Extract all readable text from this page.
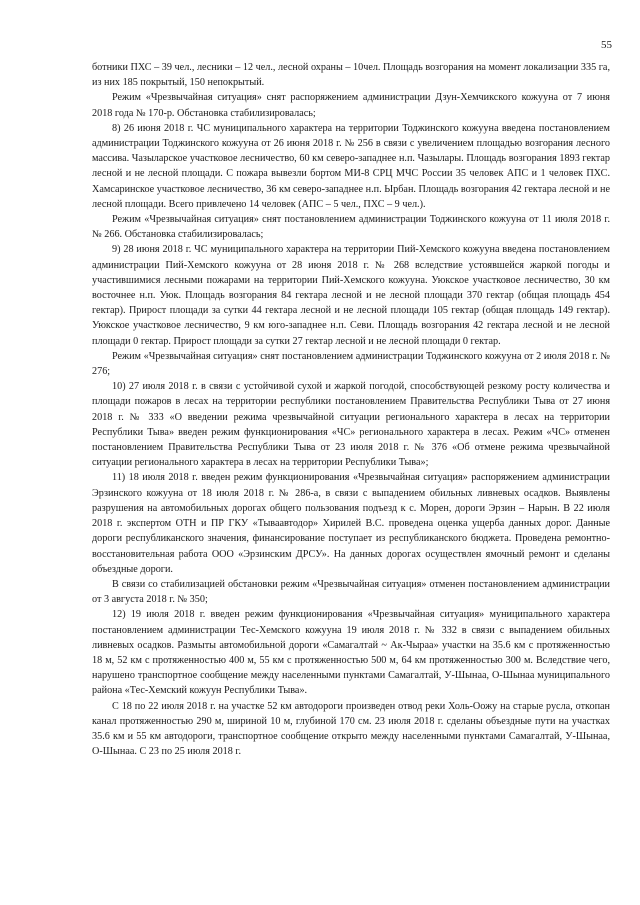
55

ботники ПХС – 39 чел., лесники – 12 чел., лесной охраны – 10чел. Площадь возгорания на момент локализации 335 га, из них 185 покрытый, 150 непокрытый.

Режим «Чрезвычайная ситуация» снят распоряжением администрации Дзун-Хемчикского кожууна от 7 июня 2018 года № 170-р. Обстановка стабилизировалась;

8) 26 июня 2018 г. ЧС муниципального характера на территории Тоджинского кожууна введена постановлением администрации Тоджинского кожууна от 26 июня 2018 г. № 256 в связи с увеличением площадью возгорания лесного массива. Чазыларское участковое лесничество, 60 км северо-западнее н.п. Чазылары. Площадь возгорания 1893 гектар лесной и не лесной площади. С пожара вывезли бортом МИ-8 СРЦ МЧС России 35 человек АПС и 1 человек ПХС. Хамсаринское участковое лесничество, 36 км северо-западнее н.п. Ырбан. Площадь возгорания 42 гектара лесной и не лесной площади. Всего привлечено 14 человек (АПС – 5 чел., ПХС – 9 чел.).

Режим «Чрезвычайная ситуация» снят постановлением администрации Тоджинского кожууна от 11 июля 2018 г. № 266. Обстановка стабилизировалась;

9) 28 июня 2018 г. ЧС муниципального характера на территории Пий-Хемского кожууна введена постановлением администрации Пий-Хемского кожууна от 28 июня 2018 г. № 268 вследствие устоявшейся жаркой погоды и участившимися лесными пожарами на территории Пий-Хемского кожууна. Уюкское участковое лесничество, 30 км восточнее н.п. Уюк. Площадь возгорания 84 гектара лесной и не лесной площади 370 гектар (общая площадь 454 гектар). Прирост площади за сутки 44 гектара лесной и не лесной площади 105 гектар (общая площадь 149 гектар). Уюкское участковое лесничество, 9 км юго-западнее н.п. Севи. Площадь возгорания 42 гектара лесной и не лесной площади 0 гектар. Прирост площади за сутки 27 гектар лесной и не лесной площади 0 гектар.

Режим «Чрезвычайная ситуация» снят постановлением администрации Тоджинского кожууна от 2 июля 2018 г. № 276;

10) 27 июля 2018 г. в связи с устойчивой сухой и жаркой погодой, способствующей резкому росту количества и площади пожаров в лесах на территории республики постановлением Правительства Республики Тыва от 27 июня 2018 г. № 333 «О введении режима чрезвычайной ситуации регионального характера в лесах на территории Республики Тыва» введен режим функционирования «ЧС» регионального характера в лесах. Режим «ЧС» отменен постановлением Правительства Республики Тыва от 23 июля 2018 г. № 376 «Об отмене режима чрезвычайной ситуации регионального характера в лесах на территории Республики Тыва»;

11) 18 июля 2018 г. введен режим функционирования «Чрезвычайная ситуация» распоряжением администрации Эрзинского кожууна от 18 июля 2018 г. № 286-а, в связи с выпадением обильных ливневых осадков. Выявлены разрушения на автомобильных дорогах общего пользования подъезд к с. Морен, дороги Эрзин – Нарын. В 22 июля 2018 г. экспертом ОТН и ПР ГКУ «Тываавтодор» Хирилей В.С. проведена оценка ущерба данных дорог. Данные дороги республиканского значения, финансирование поступает из республиканского бюджета. Проведена ремонтно-восстановительная работа ООО «Эрзинским ДРСУ». На данных дорогах осуществлен ямочный ремонт и сделаны объездные дороги.

В связи со стабилизацией обстановки режим «Чрезвычайная ситуация» отменен постановлением администрации от 3 августа 2018 г. № 350;

12) 19 июля 2018 г. введен режим функционирования «Чрезвычайная ситуация» муниципального характера постановлением администрации Тес-Хемского кожууна 19 июля 2018 г. № 332 в связи с выпадением обильных ливневых осадков. Размыты автомобильной дороги «Самагалтай ~ Ак-Чыраа» участки на 35.6 км с протяженностью 18 м, 52 км с протяженностью 400 м, 55 км с протяженностью 500 м, 64 км протяженностью 300 м. Вследствие чего, нарушено транспортное сообщение между населенными пунктами Самагалтай, У-Шынаа, О-Шынаа муниципального района «Тес-Хемский кожуун Республики Тыва».

С 18 по 22 июля 2018 г. на участке 52 км автодороги произведен отвод реки Холь-Оожу на старые русла, откопан канал протяженностью 290 м, шириной 10 м, глубиной 170 см. 23 июля 2018 г. сделаны объездные пути на участках 35.6 км и 55 км автодороги, транспортное сообщение открыто между населенными пунктами Самагалтай, У-Шынаа, О-Шынаа. С 23 по 25 июля 2018 г.
